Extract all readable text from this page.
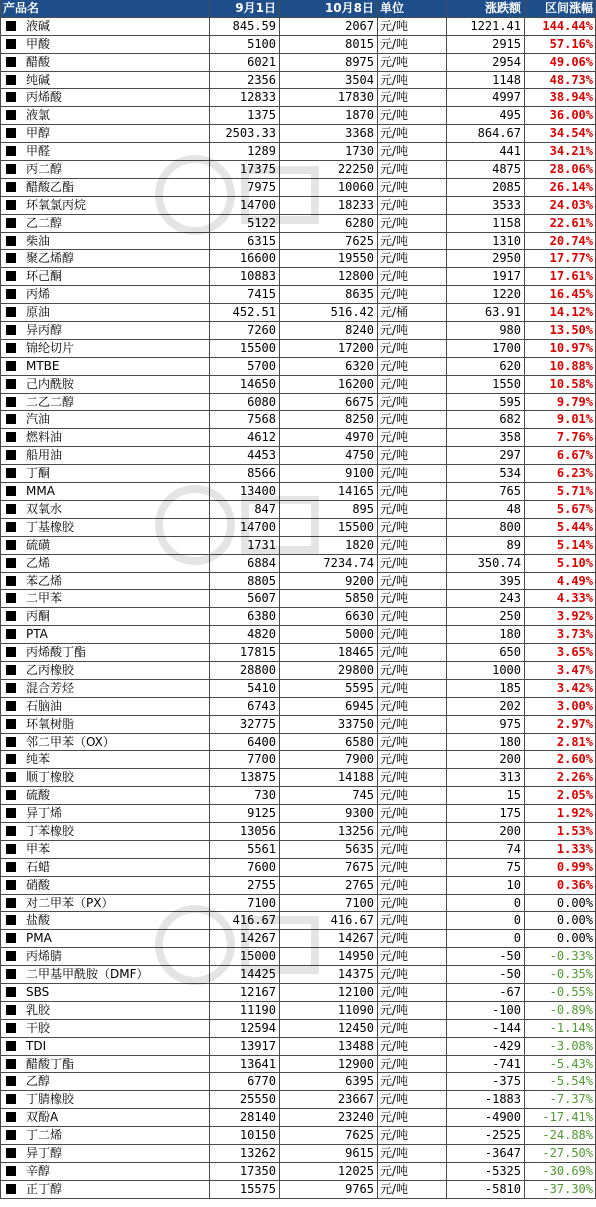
产品名	9月1日	10月8日 单位	涨跌额	区间涨幅
液碱	845.59	2067 元/吨	1221.41	144.44%
甲酸	5100	8015 元/吨	2915	57.16%
醋酸	6021	8975 元/吨	2954	49.06%
纯碱	2356	3504 元/吨	1148	48.73%
丙烯酸	12833	17830 元/吨	4997	38.94%
液氯	1375	1870 元/吨	495	36.00%
甲醇	2503.33	3368 元/吨	864.67	34.54%
甲醛	1289	1730 元/吨	441	34.21%
丙二醇	17375	22250 元/吨	4875	28.06%
醋酸乙酯	7975	10060 元/吨	2085	26.14%
环氧氯丙烷	14700	18233 元/吨	3533	24.03%
乙二醇	5122	6280 元/吨	1158	22.61%
柴油	6315	7625 元/吨	1310	20.74%
聚乙烯醇	16600	19550 元/吨	2950	17.77%
环己酮	10883	12800 元/吨	1917	17.61%
丙烯	7415	8635 元/吨	1220	16.45%
原油	452.51	516.42 元/桶	63.91	14.12%
异丙醇	7260	8240 元/吨	980	13.50%
锦纶切片	15500	17200 元/吨	1700	10.97%
MTBE	5700	6320 元/吨	620	10.88%
己内酰胺	14650	16200 元/吨	1550	10.58%
二乙二醇	6080	6675 元/吨	595	9.79%
汽油	7568	8250 元/吨	682	9.01%
燃料油	4612	4970 元/吨	358	7.76%
船用油	4453	4750 元/吨	297	6.67%
丁酮	8566	9100 元/吨	534	6.23%
MMA	13400	14165 元/吨	765	5.71%
双氧水	847	895 元/吨	48	5.67%
丁基橡胶	14700	15500 元/吨	800	5.44%
硫磺	1731	1820 元/吨	89	5.14%
乙烯	6884	7234.74 元/吨	350.74	5.10%
苯乙烯	8805	9200 元/吨	395	4.49%
二甲苯	5607	5850 元/吨	243	4.33%
丙酮	6380	6630 元/吨	250	3.92%
PTA	4820	5000 元/吨	180	3.73%
丙烯酸丁酯	17815	18465 元/吨	650	3.65%
乙丙橡胶	28800	29800 元/吨	1000	3.47%
混合芳烃	5410	5595 元/吨	185	3.42%
石脑油	6743	6945 元/吨	202	3.00%
环氧树脂	32775	33750 元/吨	975	2.97%
邻二甲苯（OX）	6400	6580 元/吨	180	2.81%
纯苯	7700	7900 元/吨	200	2.60%
顺丁橡胶	13875	14188 元/吨	313	2.26%
硫酸	730	745 元/吨	15	2.05%
异丁烯	9125	9300 元/吨	175	1.92%
丁苯橡胶	13056	13256 元/吨	200	1.53%
甲苯	5561	5635 元/吨	74	1.33%
石蜡	7600	7675 元/吨	75	0.99%
硝酸	2755	2765 元/吨	10	0.36%
对二甲苯（PX）	7100	7100 元/吨	0	0.00%
盐酸	416.67	416.67 元/吨	0	0.00%
PMA	14267	14267 元/吨	0	0.00%
丙烯腈	15000	14950 元/吨	-50	-0.33%
二甲基甲酰胺（DMF）	14425	14375 元/吨	-50	-0.35%
SBS	12167	12100 元/吨	-67	-0.55%
乳胶	11190	11090 元/吨	-100	-0.89%
干胶	12594	12450 元/吨	-144	-1.14%
TDI	13917	13488 元/吨	-429	-3.08%
醋酸丁酯	13641	12900 元/吨	-741	-5.43%
乙醇	6770	6395 元/吨	-375	-5.54%
丁腈橡胶	25550	23667 元/吨	-1883	-7.37%
双酚A	28140	23240 元/吨	-4900	-17.41%
丁二烯	10150	7625 元/吨	-2525	-24.88%
异丁醇	13262	9615 元/吨	-3647	-27.50%
辛醇	17350	12025 元/吨	-5325	-30.69%
正丁醇	15575	9765 元/吨	-5810	-37.30%
